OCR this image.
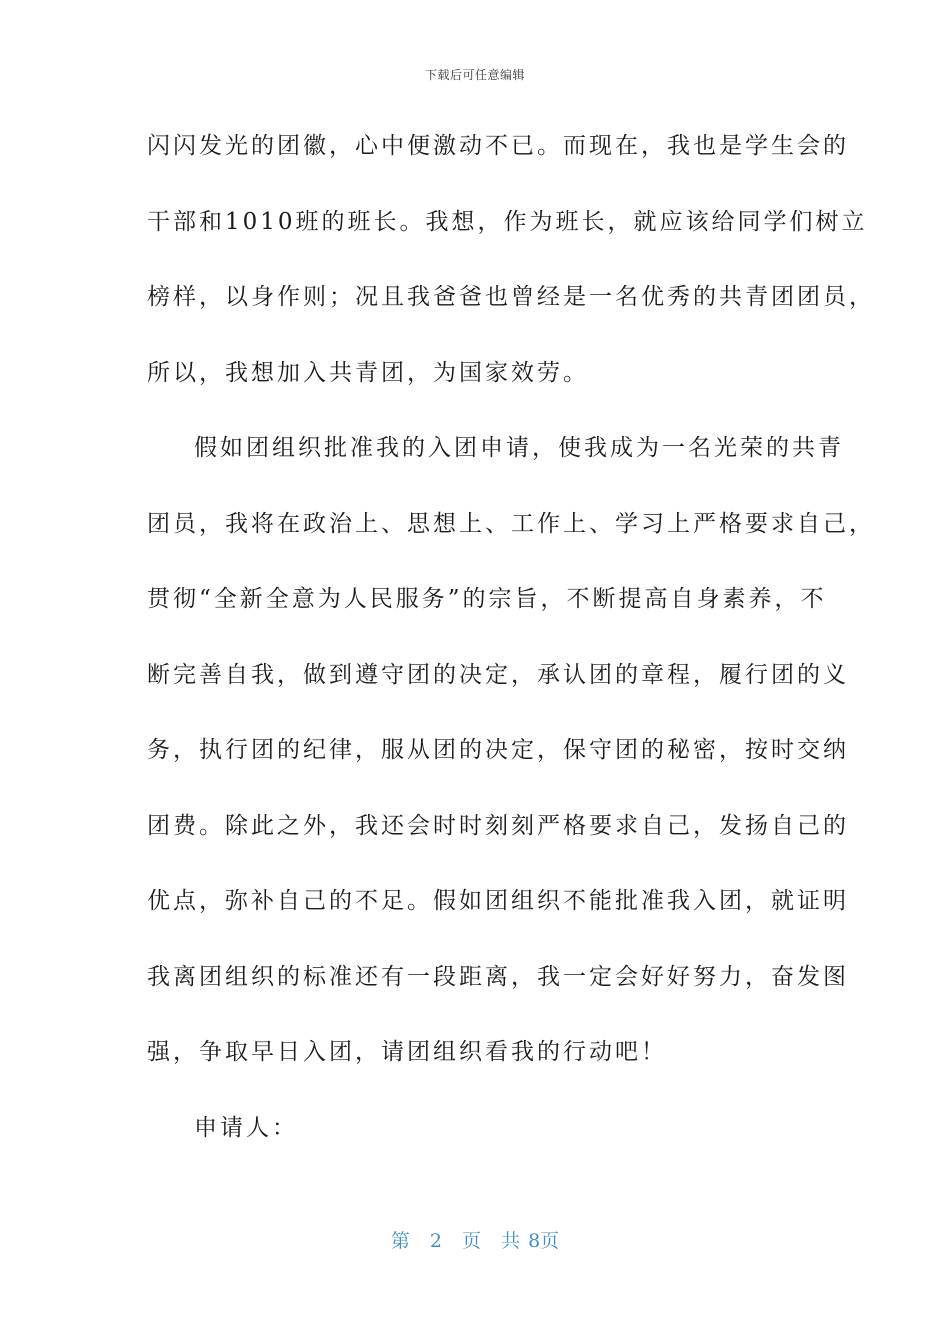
下载后可任意编辑
闪闪发光的团徽，心中便激动不已。而现在，我也是学生会的
干部和1010班的班长。我想，作为班长，就应该给同学们树立
榜样，以身作则；况且我爸爸也曾经是一名优秀的共青团团员，
所以，我想加入共青团，为国家效劳。
假如团组织批准我的入团申请，使我成为一名光荣的共青
团员，我将在政治上、思想上、工作上、学习上严格要求自己，
贯彻“全新全意为人民服务”的宗旨，不断提高自身素养，不
断完善自我，做到遵守团的决定，承认团的章程，履行团的义
务，执行团的纪律，服从团的决定，保守团的秘密，按时交纳
团费。除此之外，我还会时时刻刻严格要求自己，发扬自己的
优点，弥补自己的不足。假如团组织不能批准我入团，就证明
我离团组织的标准还有一段距离，我一定会好好努力，奋发图
强，争取早日入团，请团组织看我的行动吧！
申请人：
第 2 页 共 8页
